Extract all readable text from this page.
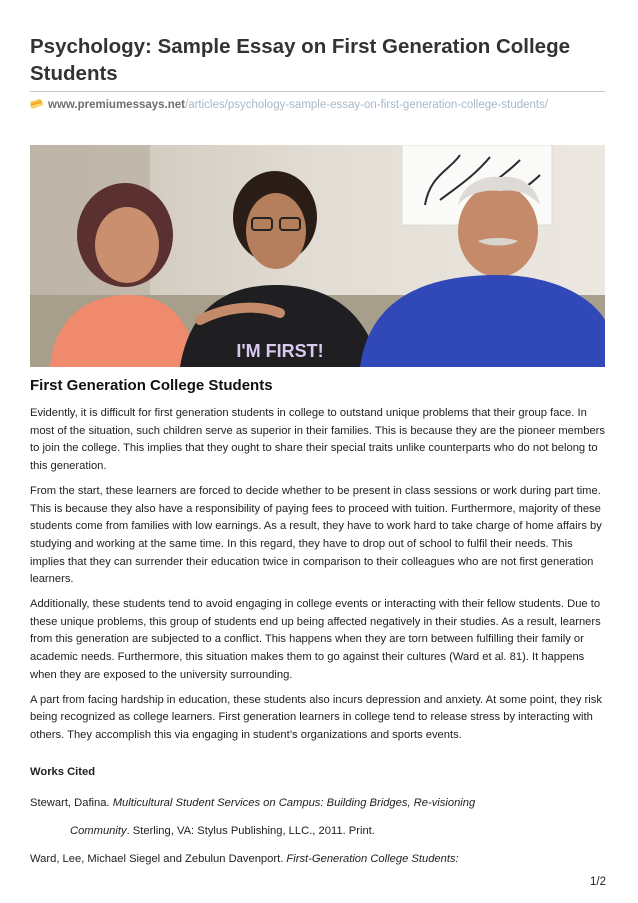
Psychology: Sample Essay on First Generation College Students
www.premiumessays.net/articles/psychology-sample-essay-on-first-generation-college-students/
I'M FIRST!
First Generation College Students

Evidently, it is difficult for first generation students in college to outstand unique problems that their group face. In most of the situation, such children serve as superior in their families. This is because they are the pioneer members to join the college. This implies that they ought to share their special traits unlike counterparts who do not belong to this generation.

From the start, these learners are forced to decide whether to be present in class sessions or work during part time. This is because they also have a responsibility of paying fees to proceed with tuition. Furthermore, majority of these students come from families with low earnings. As a result, they have to work hard to take charge of home affairs by studying and working at the same time. In this regard, they have to drop out of school to fulfil their needs. This implies that they can surrender their education twice in comparison to their colleagues who are not first generation learners.

Additionally, these students tend to avoid engaging in college events or interacting with their fellow students. Due to these unique problems, this group of students end up being affected negatively in their studies. As a result, learners from this generation are subjected to a conflict. This happens when they are torn between fulfilling their family or academic needs. Furthermore, this situation makes them to go against their cultures (Ward et al. 81). It happens when they are exposed to the university surrounding.

A part from facing hardship in education, these students also incurs depression and anxiety. At some point, they risk being recognized as college learners. First generation learners in college tend to release stress by interacting with others. They accomplish this via engaging in student’s organizations and sports events.

Works Cited
Stewart, Dafina. Multicultural Student Services on Campus: Building Bridges, Re-visioning
Community. Sterling, VA: Stylus Publishing, LLC., 2011. Print.
Ward, Lee, Michael Siegel and Zebulun Davenport. First-Generation College Students:
1/2
